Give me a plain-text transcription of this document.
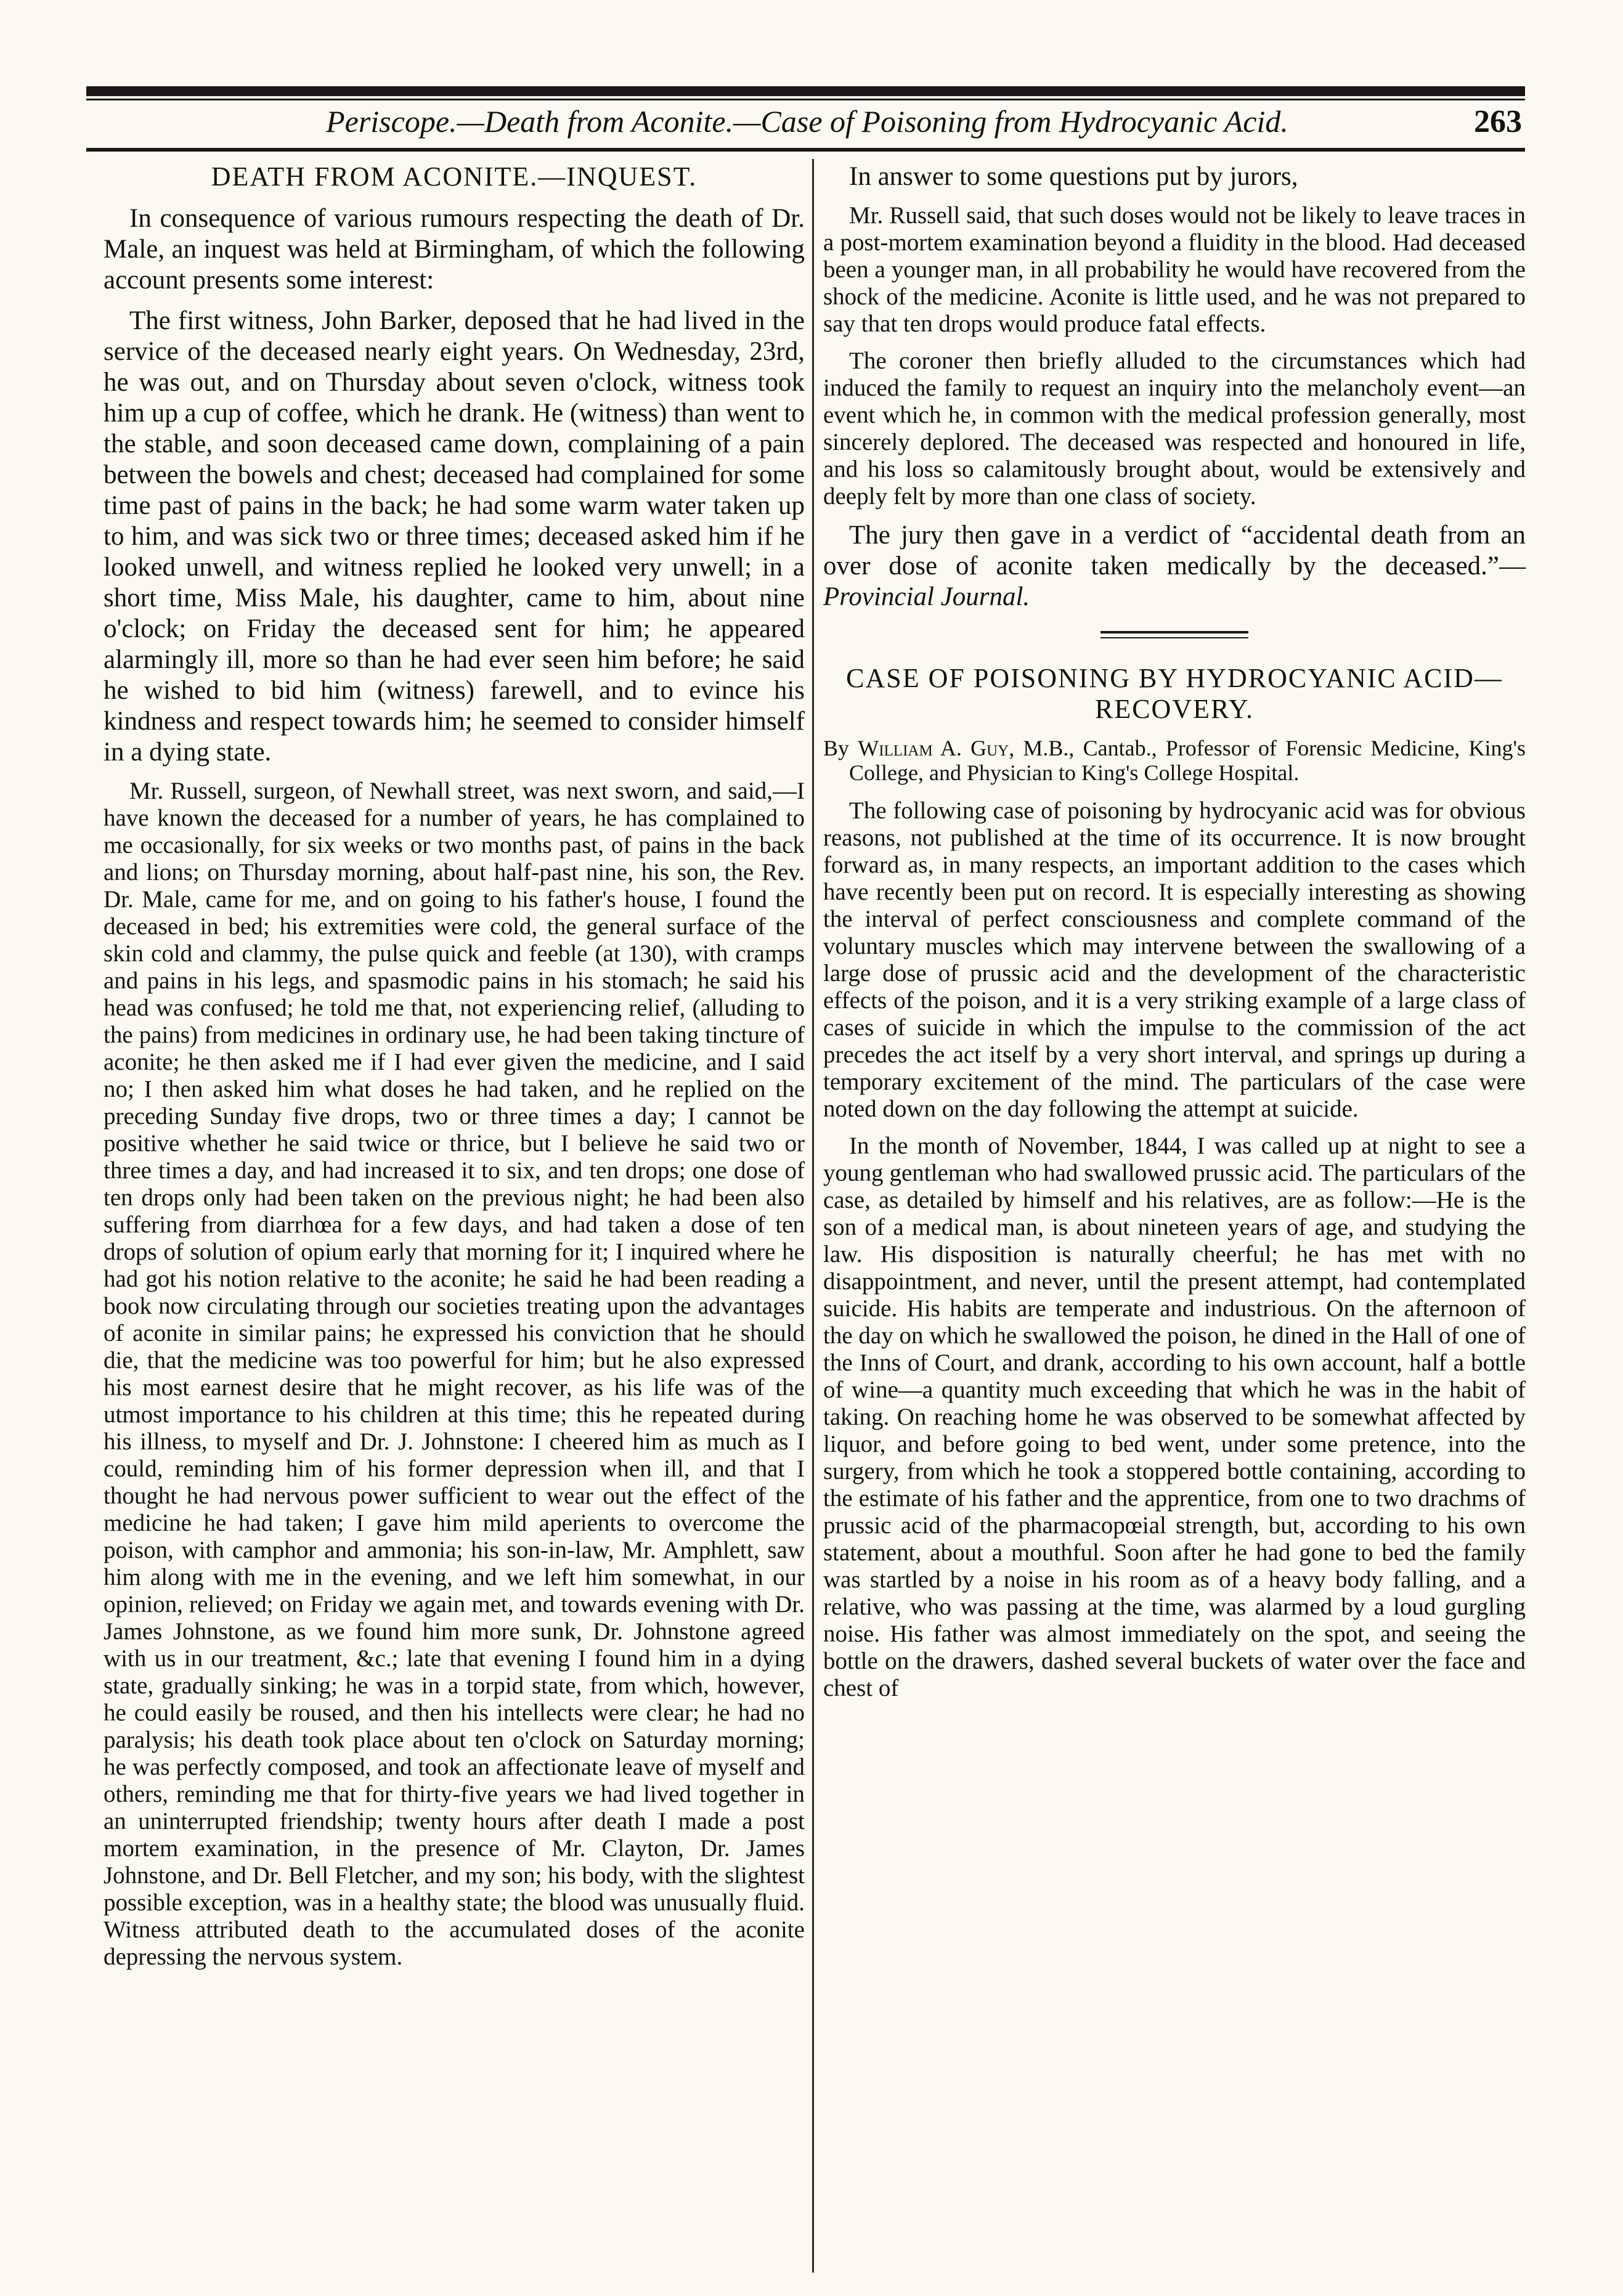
Periscope.—Death from Aconite.—Case of Poisoning from Hydrocyanic Acid.	263
DEATH FROM ACONITE.—INQUEST.

In consequence of various rumours respecting the death of Dr. Male, an inquest was held at Birmingham, of which the following account presents some interest:

The first witness, John Barker, deposed that he had lived in the service of the deceased nearly eight years. On Wednesday, 23rd, he was out, and on Thursday about seven o'clock, witness took him up a cup of coffee, which he drank. He (witness) than went to the stable, and soon deceased came down, complaining of a pain between the bowels and chest; deceased had complained for some time past of pains in the back; he had some warm water taken up to him, and was sick two or three times; deceased asked him if he looked unwell, and witness replied he looked very unwell; in a short time, Miss Male, his daughter, came to him, about nine o'clock; on Friday the deceased sent for him; he appeared alarmingly ill, more so than he had ever seen him before; he said he wished to bid him (witness) farewell, and to evince his kindness and respect towards him; he seemed to consider himself in a dying state.

Mr. Russell, surgeon, of Newhall street, was next sworn, and said,—I have known the deceased for a number of years, he has complained to me occasionally, for six weeks or two months past, of pains in the back and lions; on Thursday morning, about half-past nine, his son, the Rev. Dr. Male, came for me, and on going to his father's house, I found the deceased in bed; his extremities were cold, the general surface of the skin cold and clammy, the pulse quick and feeble (at 130), with cramps and pains in his legs, and spasmodic pains in his stomach; he said his head was confused; he told me that, not experiencing relief, (alluding to the pains) from medicines in ordinary use, he had been taking tincture of aconite; he then asked me if I had ever given the medicine, and I said no; I then asked him what doses he had taken, and he replied on the preceding Sunday five drops, two or three times a day; I cannot be positive whether he said twice or thrice, but I believe he said two or three times a day, and had increased it to six, and ten drops; one dose of ten drops only had been taken on the previous night; he had been also suffering from diarrhœa for a few days, and had taken a dose of ten drops of solution of opium early that morning for it; I inquired where he had got his notion relative to the aconite; he said he had been reading a book now circulating through our societies treating upon the advantages of aconite in similar pains; he expressed his conviction that he should die, that the medicine was too powerful for him; but he also expressed his most earnest desire that he might recover, as his life was of the utmost importance to his children at this time; this he repeated during his illness, to myself and Dr. J. Johnstone: I cheered him as much as I could, reminding him of his former depression when ill, and that I thought he had nervous power sufficient to wear out the effect of the medicine he had taken; I gave him mild aperients to overcome the poison, with camphor and ammonia; his son-in-law, Mr. Amphlett, saw him along with me in the evening, and we left him somewhat, in our opinion, relieved; on Friday we again met, and towards evening with Dr. James Johnstone, as we found him more sunk, Dr. Johnstone agreed with us in our treatment, &c.; late that evening I found him in a dying state, gradually sinking; he was in a torpid state, from which, however, he could easily be roused, and then his intellects were clear; he had no paralysis; his death took place about ten o'clock on Saturday morning; he was perfectly composed, and took an affectionate leave of myself and others, reminding me that for thirty-five years we had lived together in an uninterrupted friendship; twenty hours after death I made a post mortem examination, in the presence of Mr. Clayton, Dr. James Johnstone, and Dr. Bell Fletcher, and my son; his body, with the slightest possible exception, was in a healthy state; the blood was unusually fluid. Witness attributed death to the accumulated doses of the aconite depressing the nervous system.

In answer to some questions put by jurors,

Mr. Russell said, that such doses would not be likely to leave traces in a post-mortem examination beyond a fluidity in the blood. Had deceased been a younger man, in all probability he would have recovered from the shock of the medicine. Aconite is little used, and he was not prepared to say that ten drops would produce fatal effects.

The coroner then briefly alluded to the circumstances which had induced the family to request an inquiry into the melancholy event—an event which he, in common with the medical profession generally, most sincerely deplored. The deceased was respected and honoured in life, and his loss so calamitously brought about, would be extensively and deeply felt by more than one class of society.

The jury then gave in a verdict of “accidental death from an over dose of aconite taken medically by the deceased.”—Provincial Journal.

CASE OF POISONING BY HYDROCYANIC ACID—RECOVERY.
By William A. Guy, M.B., Cantab., Professor of Forensic Medicine, King's College, and Physician to King's College Hospital.

The following case of poisoning by hydrocyanic acid was for obvious reasons, not published at the time of its occurrence. It is now brought forward as, in many respects, an important addition to the cases which have recently been put on record. It is especially interesting as showing the interval of perfect consciousness and complete command of the voluntary muscles which may intervene between the swallowing of a large dose of prussic acid and the development of the characteristic effects of the poison, and it is a very striking example of a large class of cases of suicide in which the impulse to the commission of the act precedes the act itself by a very short interval, and springs up during a temporary excitement of the mind. The particulars of the case were noted down on the day following the attempt at suicide.

In the month of November, 1844, I was called up at night to see a young gentleman who had swallowed prussic acid. The particulars of the case, as detailed by himself and his relatives, are as follow:—He is the son of a medical man, is about nineteen years of age, and studying the law. His disposition is naturally cheerful; he has met with no disappointment, and never, until the present attempt, had contemplated suicide. His habits are temperate and industrious. On the afternoon of the day on which he swallowed the poison, he dined in the Hall of one of the Inns of Court, and drank, according to his own account, half a bottle of wine—a quantity much exceeding that which he was in the habit of taking. On reaching home he was observed to be somewhat affected by liquor, and before going to bed went, under some pretence, into the surgery, from which he took a stoppered bottle containing, according to the estimate of his father and the apprentice, from one to two drachms of prussic acid of the pharmacopœial strength, but, according to his own statement, about a mouthful. Soon after he had gone to bed the family was startled by a noise in his room as of a heavy body falling, and a relative, who was passing at the time, was alarmed by a loud gurgling noise. His father was almost immediately on the spot, and seeing the bottle on the drawers, dashed several buckets of water over the face and chest of
